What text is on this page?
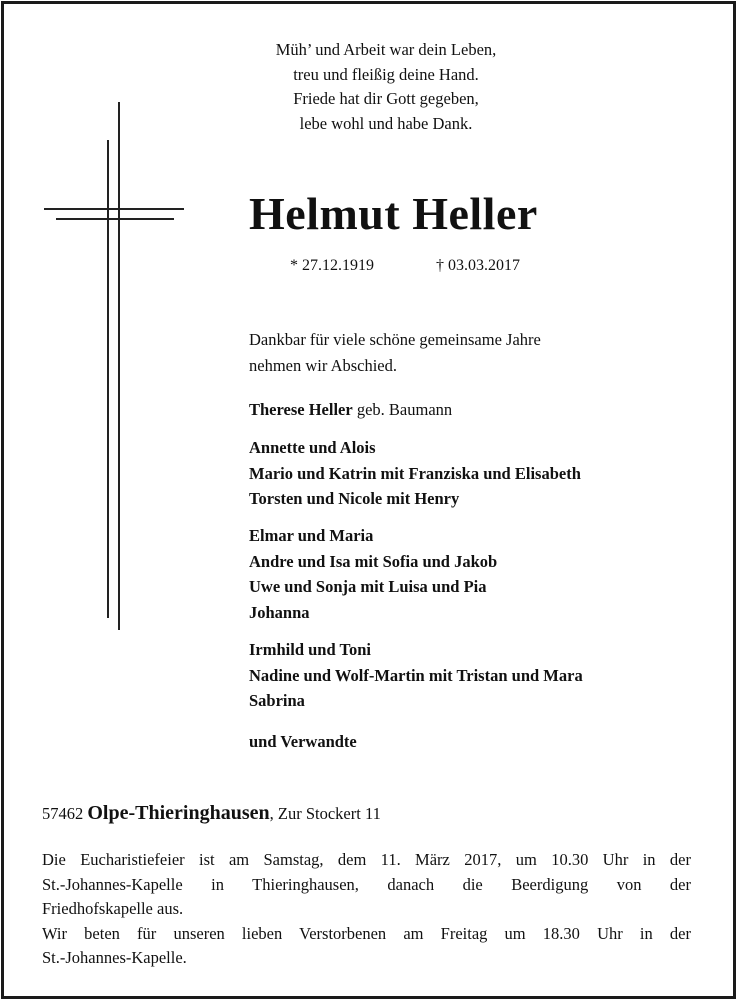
Müh’ und Arbeit war dein Leben,
treu und fleißig deine Hand.
Friede hat dir Gott gegeben,
lebe wohl und habe Dank.
Helmut Heller
* 27.12.1919	† 03.03.2017
Dankbar für viele schöne gemeinsame Jahre
nehmen wir Abschied.
Therese Heller geb. Baumann
Annette und Alois
Mario und Katrin mit Franziska und Elisabeth
Torsten und Nicole mit Henry
Elmar und Maria
Andre und Isa mit Sofia und Jakob
Uwe und Sonja mit Luisa und Pia
Johanna
Irmhild und Toni
Nadine und Wolf-Martin mit Tristan und Mara
Sabrina
und Verwandte
57462 Olpe-Thieringhausen, Zur Stockert 11
Die Eucharistiefeier ist am Samstag, dem 11. März 2017, um 10.30 Uhr in der
St.-Johannes-Kapelle in Thieringhausen, danach die Beerdigung von der
Friedhofskapelle aus.
Wir beten für unseren lieben Verstorbenen am Freitag um 18.30 Uhr in der
St.-Johannes-Kapelle.
